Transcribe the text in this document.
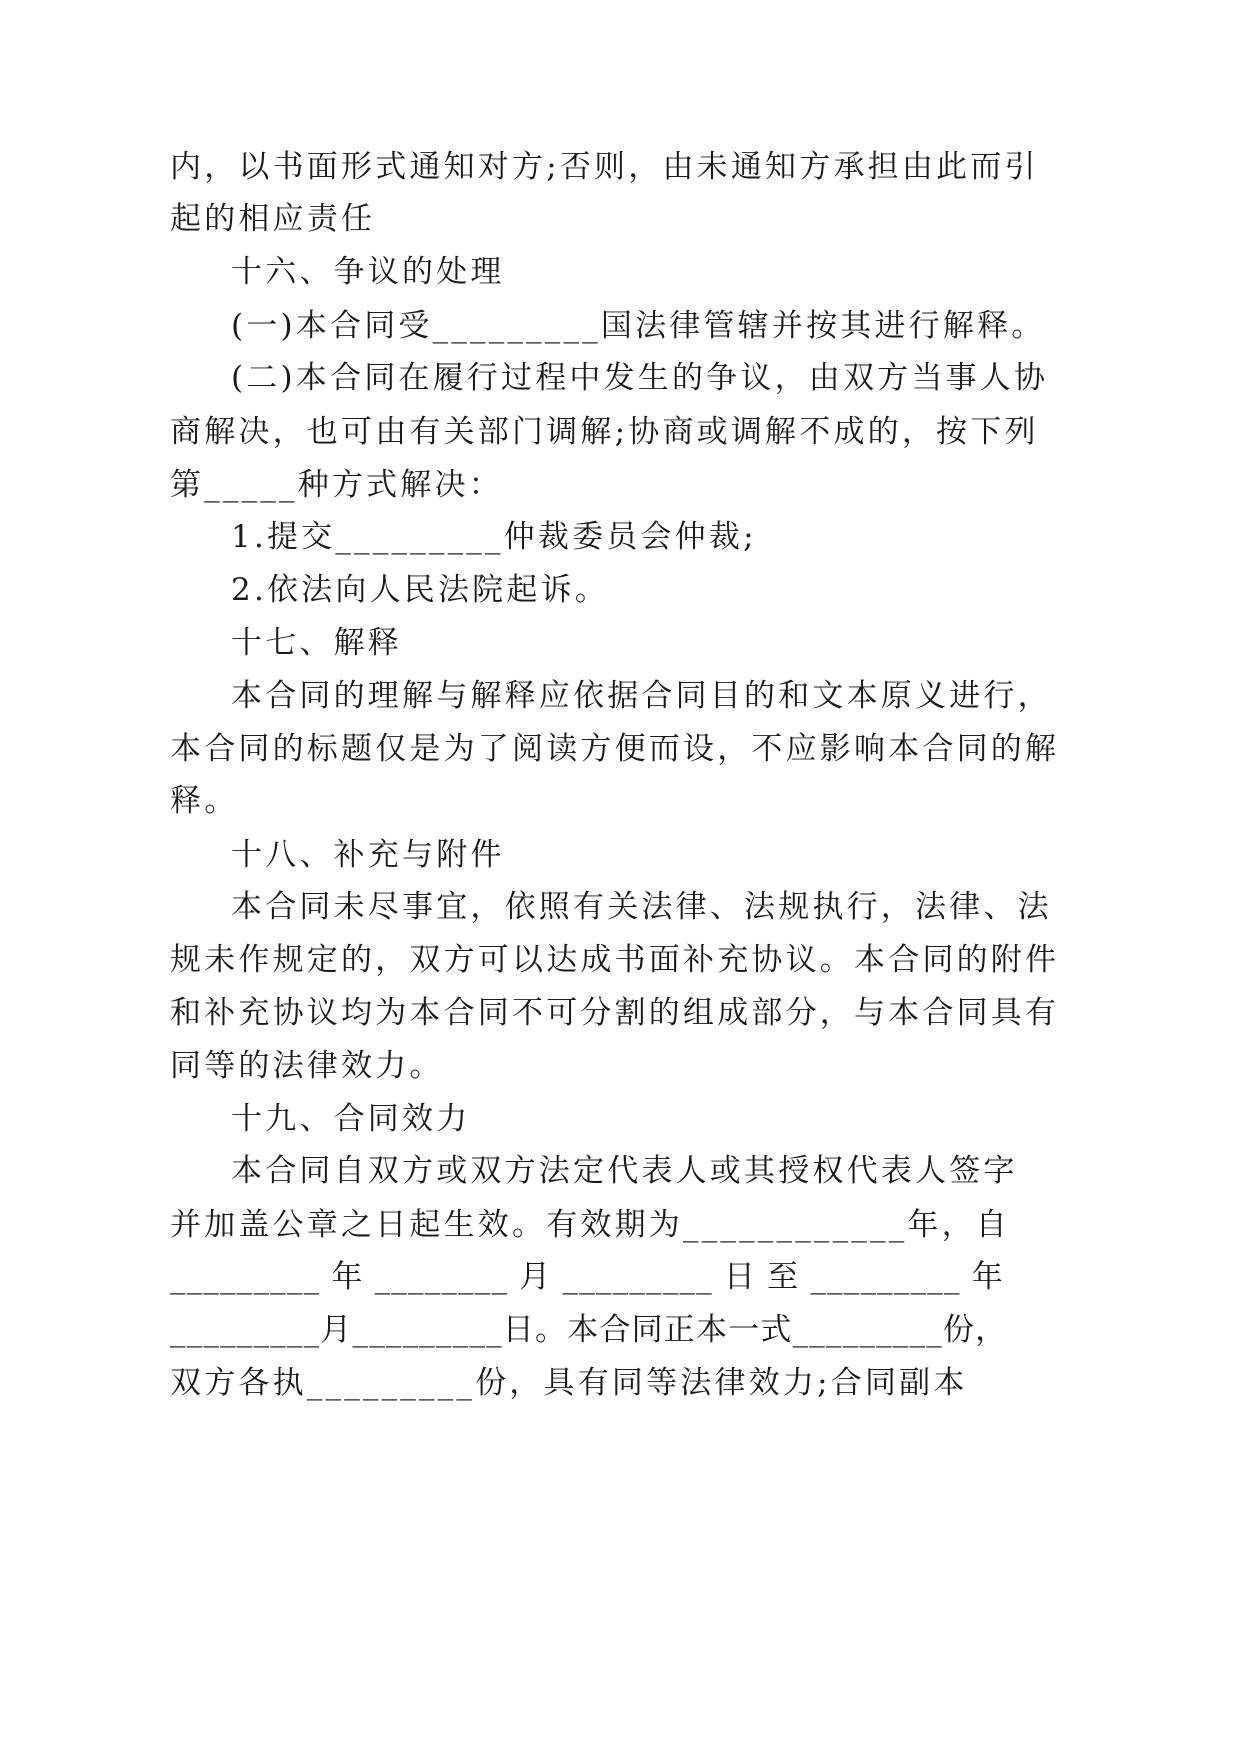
内，以书面形式通知对方;否则，由未通知方承担由此而引
起的相应责任
十六、争议的处理
(一)本合同受_________国法律管辖并按其进行解释。
(二)本合同在履行过程中发生的争议，由双方当事人协
商解决，也可由有关部门调解;协商或调解不成的，按下列
第_____种方式解决：
1.提交_________仲裁委员会仲裁;
2.依法向人民法院起诉。
十七、解释
本合同的理解与解释应依据合同目的和文本原义进行，
本合同的标题仅是为了阅读方便而设，不应影响本合同的解
释。
十八、补充与附件
本合同未尽事宜，依照有关法律、法规执行，法律、法
规未作规定的，双方可以达成书面补充协议。本合同的附件
和补充协议均为本合同不可分割的组成部分，与本合同具有
同等的法律效力。
十九、合同效力
本合同自双方或双方法定代表人或其授权代表人签字
并加盖公章之日起生效。有效期为____________年，自
_________ 年 ________ 月 _________ 日 至 _________ 年
_________月_________日。本合同正本一式_________份，
双方各执_________份，具有同等法律效力;合同副本
